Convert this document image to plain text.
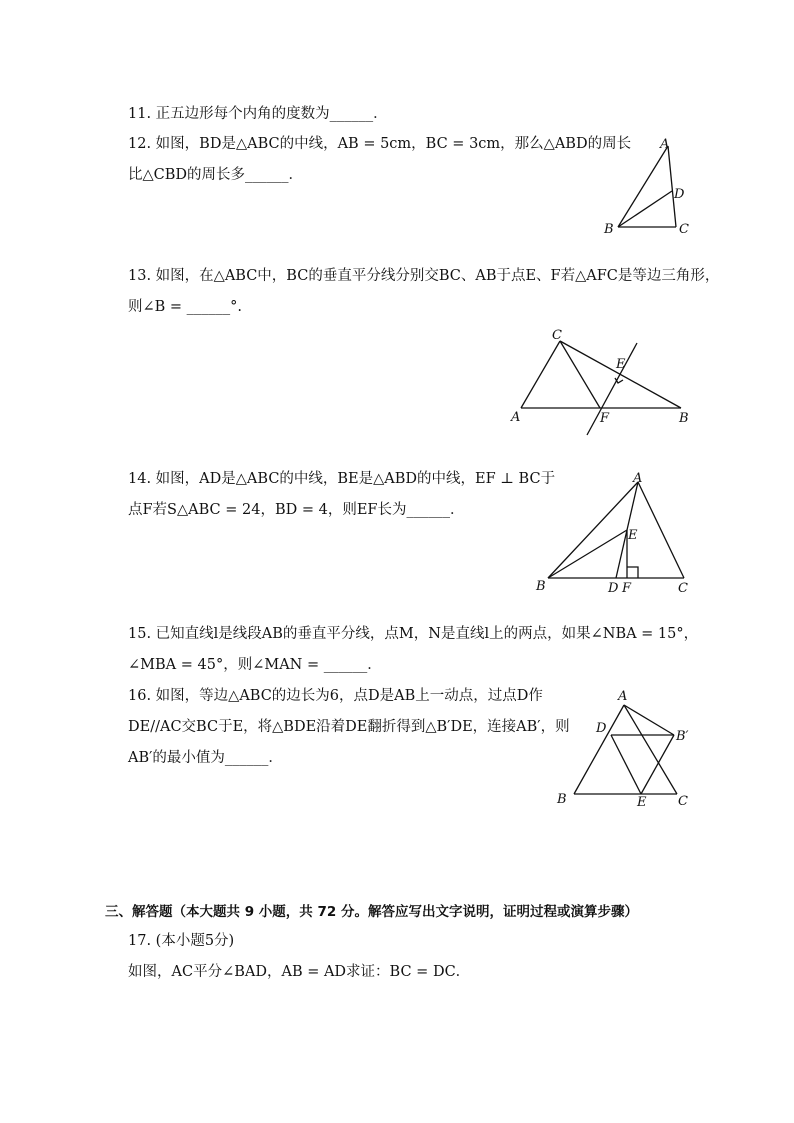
11. 正五边形每个内角的度数为______．
12. 如图，BD是△ABC的中线，AB = 5cm，BC = 3cm，那么△ABD的周长
比△CBD的周长多______．
A
B	C
D
13. 如图，在△ABC中，BC的垂直平分线分别交BC、AB于点E、F若△AFC是等边三角形，
则∠B = ______°.
A	B
C
E
F
14. 如图，AD是△ABC的中线，BE是△ABD的中线，EF ⊥ BC于
点F若S△ABC = 24，BD = 4，则EF长为______．
A
B	C
D
E
F
15. 已知直线l是线段AB的垂直平分线，点M，N是直线l上的两点，如果∠NBA = 15°，
∠MBA = 45°，则∠MAN = ______．
16. 如图，等边△ABC的边长为6，点D是AB上一动点，过点D作
DE//AC交BC于E，将△BDE沿着DE翻折得到△B′DE，连接AB′，则
AB′的最小值为______．
A
B	C
D
E
B′
三、解答题（本大题共 9 小题，共 72 分。解答应写出文字说明，证明过程或演算步骤）
17. (本小题5分)
如图，AC平分∠BAD，AB = AD求证：BC = DC．
